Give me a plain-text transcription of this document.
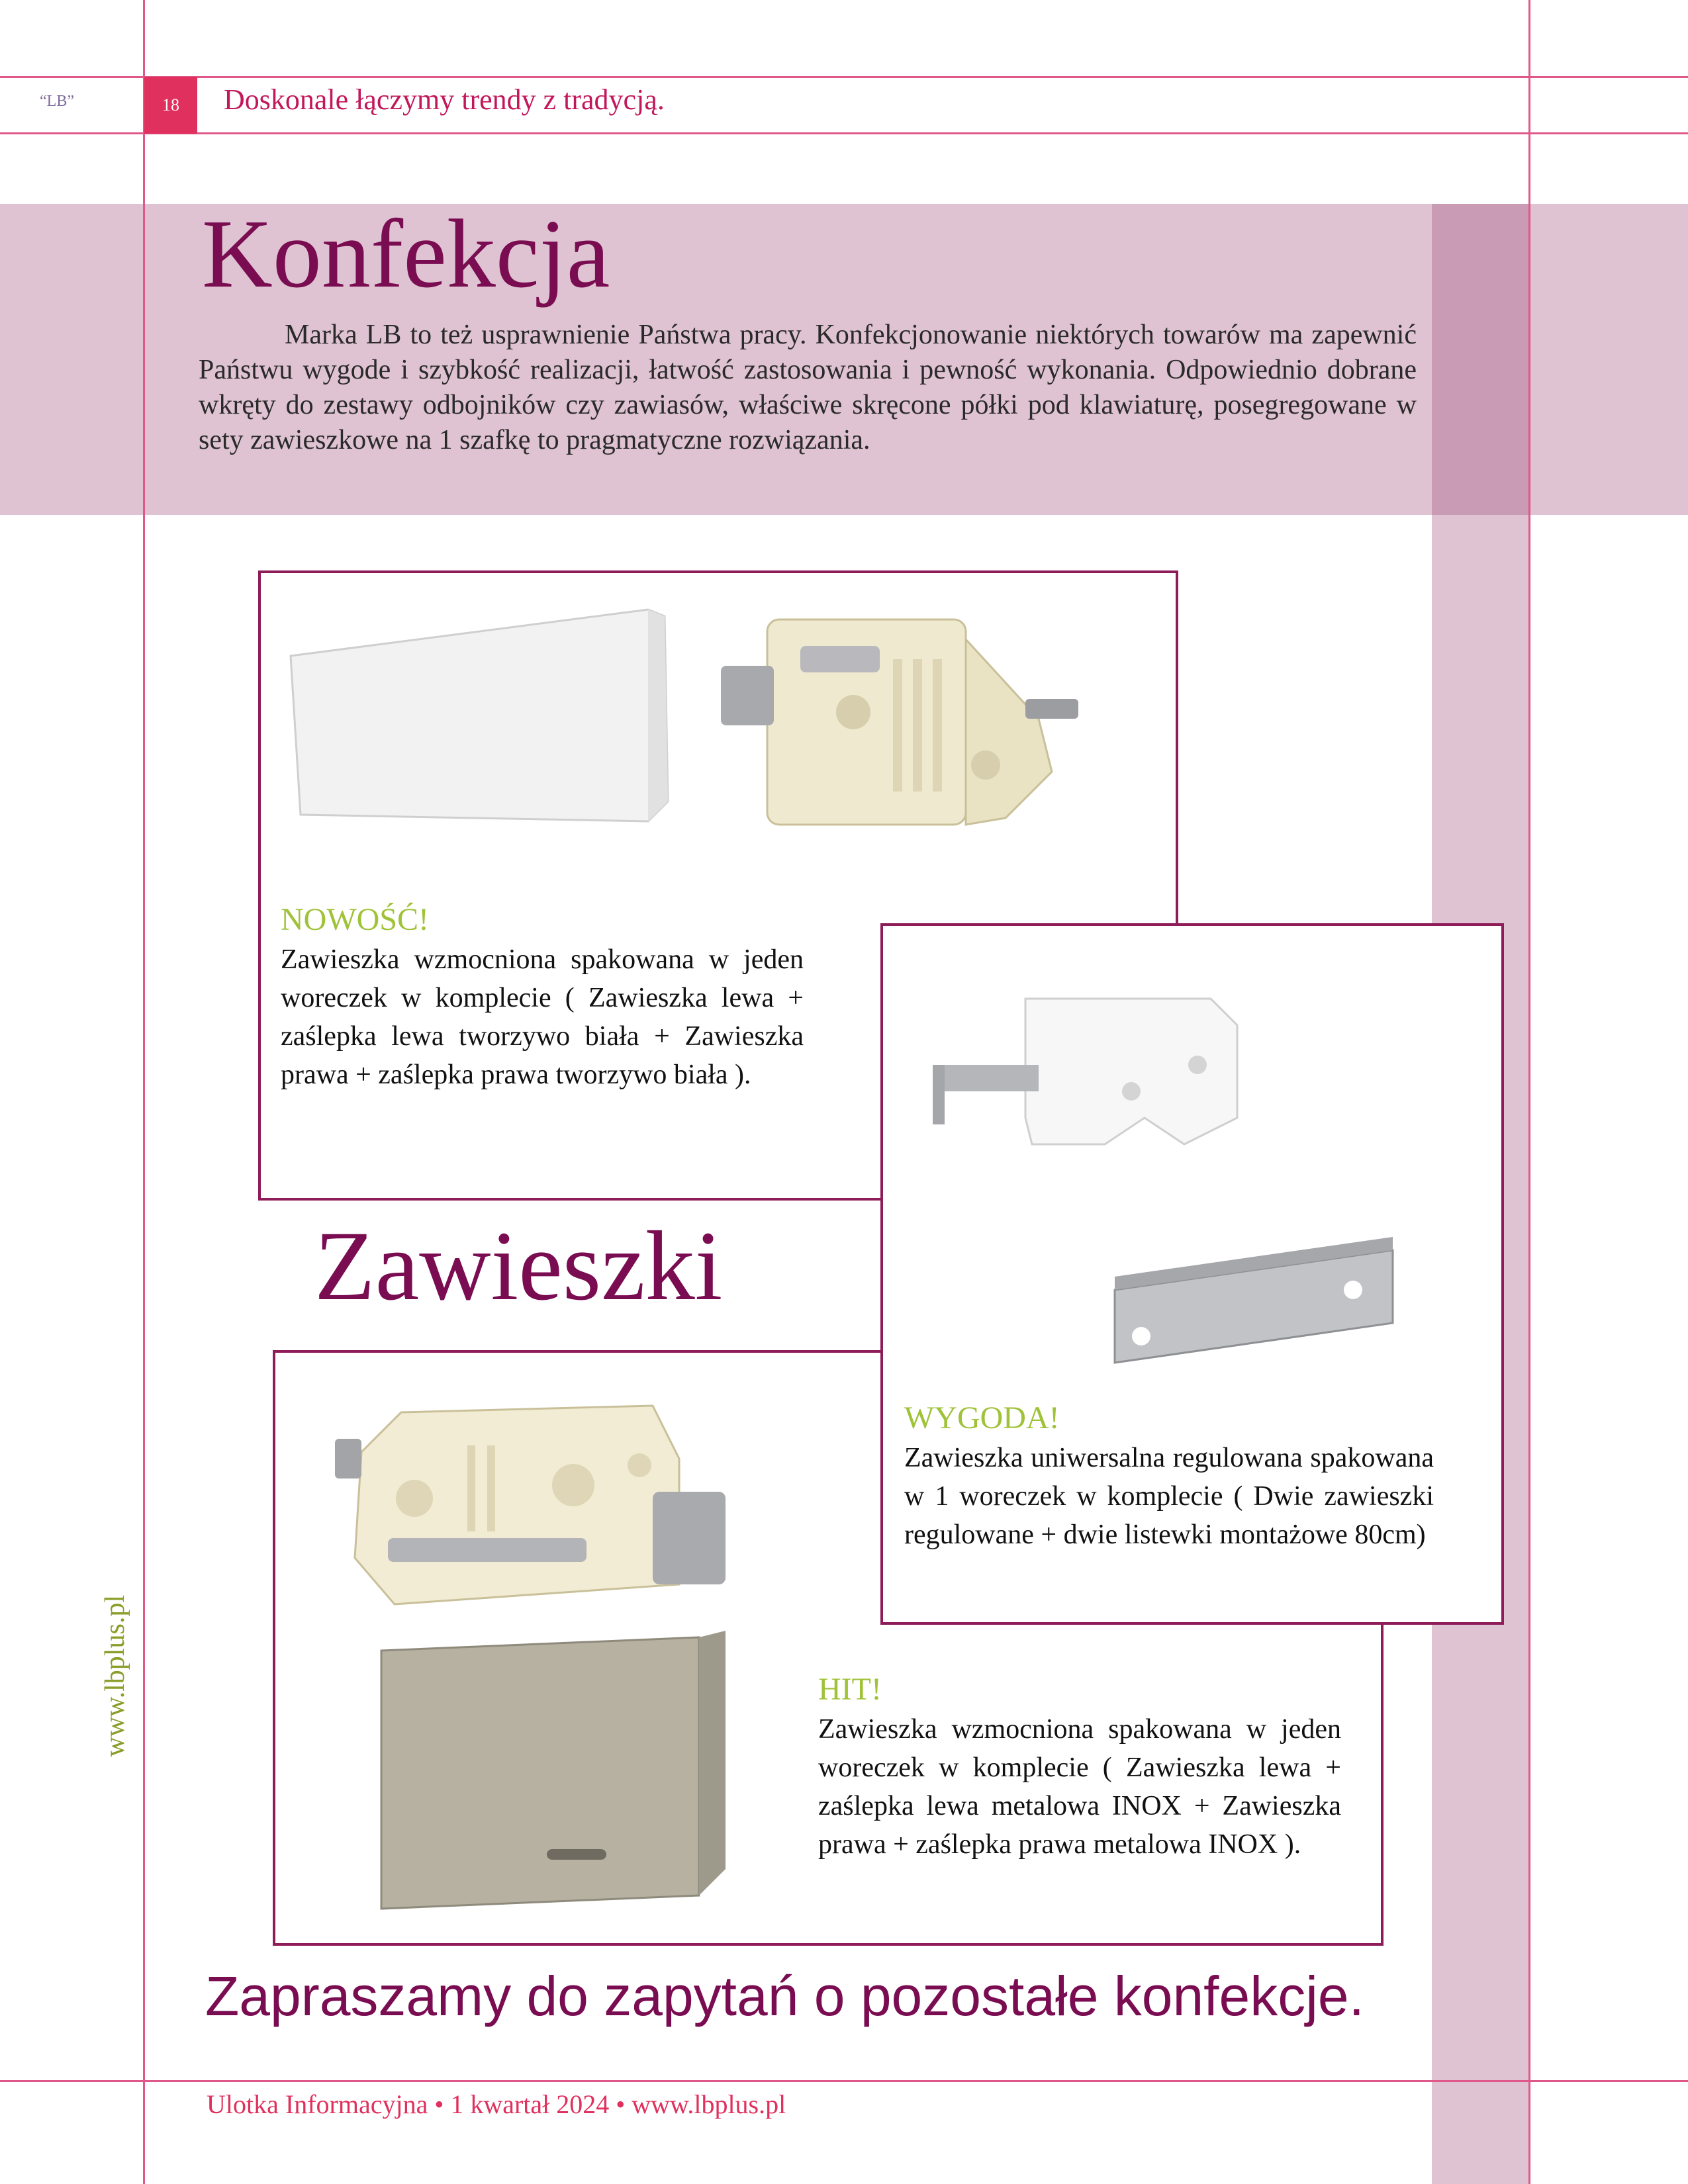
“LB”	18	Doskonale łączymy trendy z tradycją.
Konfekcja
Marka LB to też usprawnienie Państwa pracy. Konfekcjonowanie niektórych towarów ma zapewnić Państwu wygode i szybkość realizacji, łatwość zastosowania i pewność wykonania. Odpowiednio dobrane wkręty do zestawy odbojników czy zawiasów, właściwe skręcone półki pod klawiaturę, posegregowane w sety zawieszkowe na 1 szafkę to pragmatyczne rozwiązania.
NOWOŚĆ!
Zawieszka wzmocniona spakowana w jeden woreczek w komplecie ( Zawieszka lewa + zaślepka lewa tworzywo biała + Zawieszka prawa + zaślepka prawa tworzywo biała ).
Zawieszki
HIT!
Zawieszka wzmocniona spakowana w jeden woreczek w komplecie ( Zawieszka lewa + zaślepka lewa metalowa INOX + Zawieszka prawa + zaślepka prawa metalowa INOX ).
WYGODA!
Zawieszka uniwersalna regulowana spakowana w 1 woreczek w komplecie ( Dwie zawieszki regulowane + dwie listewki montażowe 80cm)
www.lbplus.pl
Zapraszamy do zapytań o pozostałe konfekcje.
Ulotka Informacyjna • 1 kwartał 2024 • www.lbplus.pl
